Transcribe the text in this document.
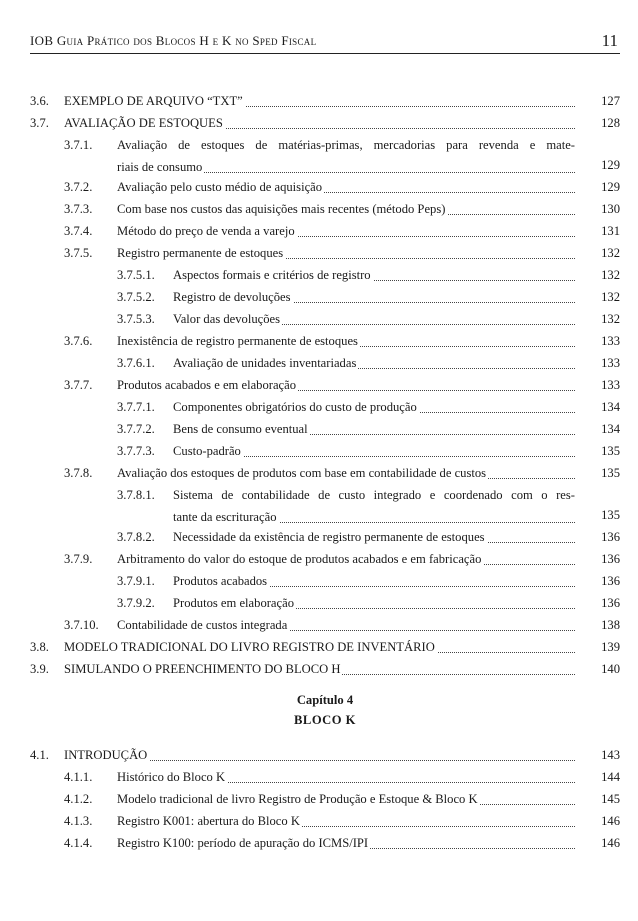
IOB Guia Prático dos Blocos H e K no Sped Fiscal	11
3.6. EXEMPLO DE ARQUIVO “TXT”	127
3.7. AVALIAÇÃO DE ESTOQUES	128
3.7.1. Avaliação de estoques de matérias-primas, mercadorias para revenda e mate-
riais de consumo	129
3.7.2. Avaliação pelo custo médio de aquisição	129
3.7.3. Com base nos custos das aquisições mais recentes (método Peps)	130
3.7.4. Método do preço de venda a varejo	131
3.7.5. Registro permanente de estoques	132
3.7.5.1. Aspectos formais e critérios de registro	132
3.7.5.2. Registro de devoluções	132
3.7.5.3. Valor das devoluções	132
3.7.6. Inexistência de registro permanente de estoques	133
3.7.6.1. Avaliação de unidades inventariadas	133
3.7.7. Produtos acabados e em elaboração	133
3.7.7.1. Componentes obrigatórios do custo de produção	134
3.7.7.2. Bens de consumo eventual	134
3.7.7.3. Custo-padrão	135
3.7.8. Avaliação dos estoques de produtos com base em contabilidade de custos	135
3.7.8.1. Sistema de contabilidade de custo integrado e coordenado com o res-
tante da escrituração	135
3.7.8.2. Necessidade da existência de registro permanente de estoques	136
3.7.9. Arbitramento do valor do estoque de produtos acabados e em fabricação	136
3.7.9.1. Produtos acabados	136
3.7.9.2. Produtos em elaboração	136
3.7.10. Contabilidade de custos integrada	138
3.8. MODELO TRADICIONAL DO LIVRO REGISTRO DE INVENTÁRIO	139
3.9. SIMULANDO O PREENCHIMENTO DO BLOCO H	140
Capítulo 4
BLOCO K
4.1. INTRODUÇÃO	143
4.1.1. Histórico do Bloco K	144
4.1.2. Modelo tradicional de livro Registro de Produção e Estoque & Bloco K	145
4.1.3. Registro K001: abertura do Bloco K	146
4.1.4. Registro K100: período de apuração do ICMS/IPI	146
